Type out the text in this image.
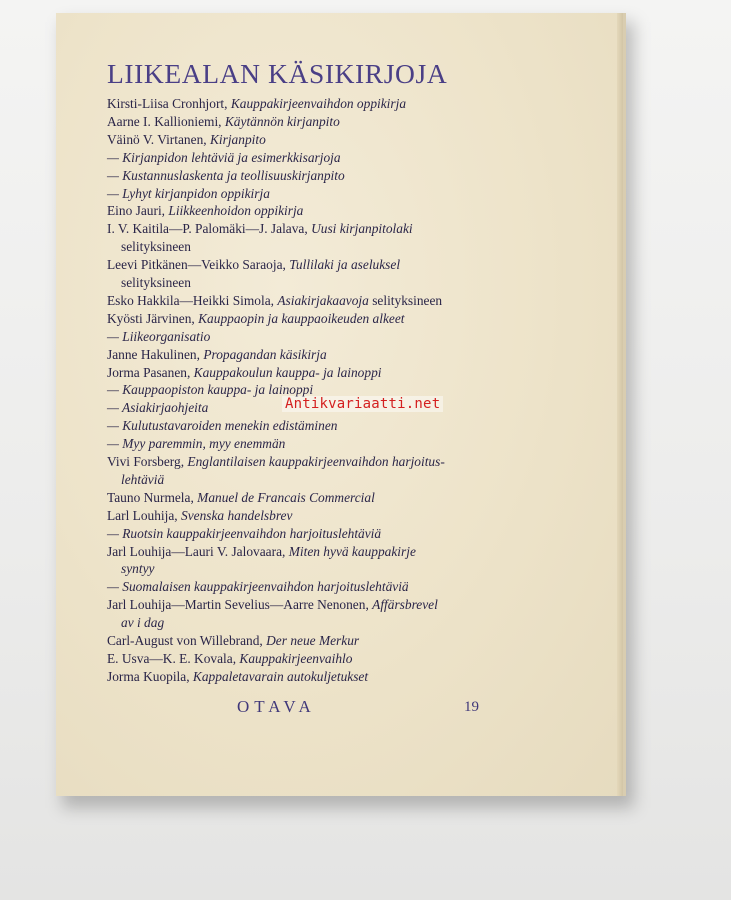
LIIKEALAN KÄSIKIRJOJA
Kirsti-Liisa Cronhjort, Kauppakirjeenvaihdon oppikirja
Aarne I. Kallioniemi, Käytännön kirjanpito
Väinö V. Virtanen, Kirjanpito
— Kirjanpidon lehtäviä ja esimerkkisarjoja
— Kustannuslaskenta ja teollisuuskirjanpito
— Lyhyt kirjanpidon oppikirja
Eino Jauri, Liikkeenhoidon oppikirja
I. V. Kaitila—P. Palomäki—J. Jalava, Uusi kirjanpitolaki
selityksineen
Leevi Pitkänen—Veikko Saraoja, Tullilaki ja aseluksel
selityksineen
Esko Hakkila—Heikki Simola, Asiakirjakaavoja selityksineen
Kyösti Järvinen, Kauppaopin ja kauppaoikeuden alkeet
— Liikeorganisatio
Janne Hakulinen, Propagandan käsikirja
Jorma Pasanen, Kauppakoulun kauppa- ja lainoppi
— Kauppaopiston kauppa- ja lainoppi
— Asiakirjaohjeita
— Kulutustavaroiden menekin edistäminen
— Myy paremmin, myy enemmän
Vivi Forsberg, Englantilaisen kauppakirjeenvaihdon harjoitus-
lehtäviä
Tauno Nurmela, Manuel de Francais Commercial
Larl Louhija, Svenska handelsbrev
— Ruotsin kauppakirjeenvaihdon harjoituslehtäviä
Jarl Louhija—Lauri V. Jalovaara, Miten hyvä kauppakirje
syntyy
— Suomalaisen kauppakirjeenvaihdon harjoituslehtäviä
Jarl Louhija—Martin Sevelius—Aarre Nenonen, Affärsbrevel
av i dag
Carl-August von Willebrand, Der neue Merkur
E. Usva—K. E. Kovala, Kauppakirjeenvaihlo
Jorma Kuopila, Kappaletavarain autokuljetukset
OTAVA	19
Antikvariaatti.net
